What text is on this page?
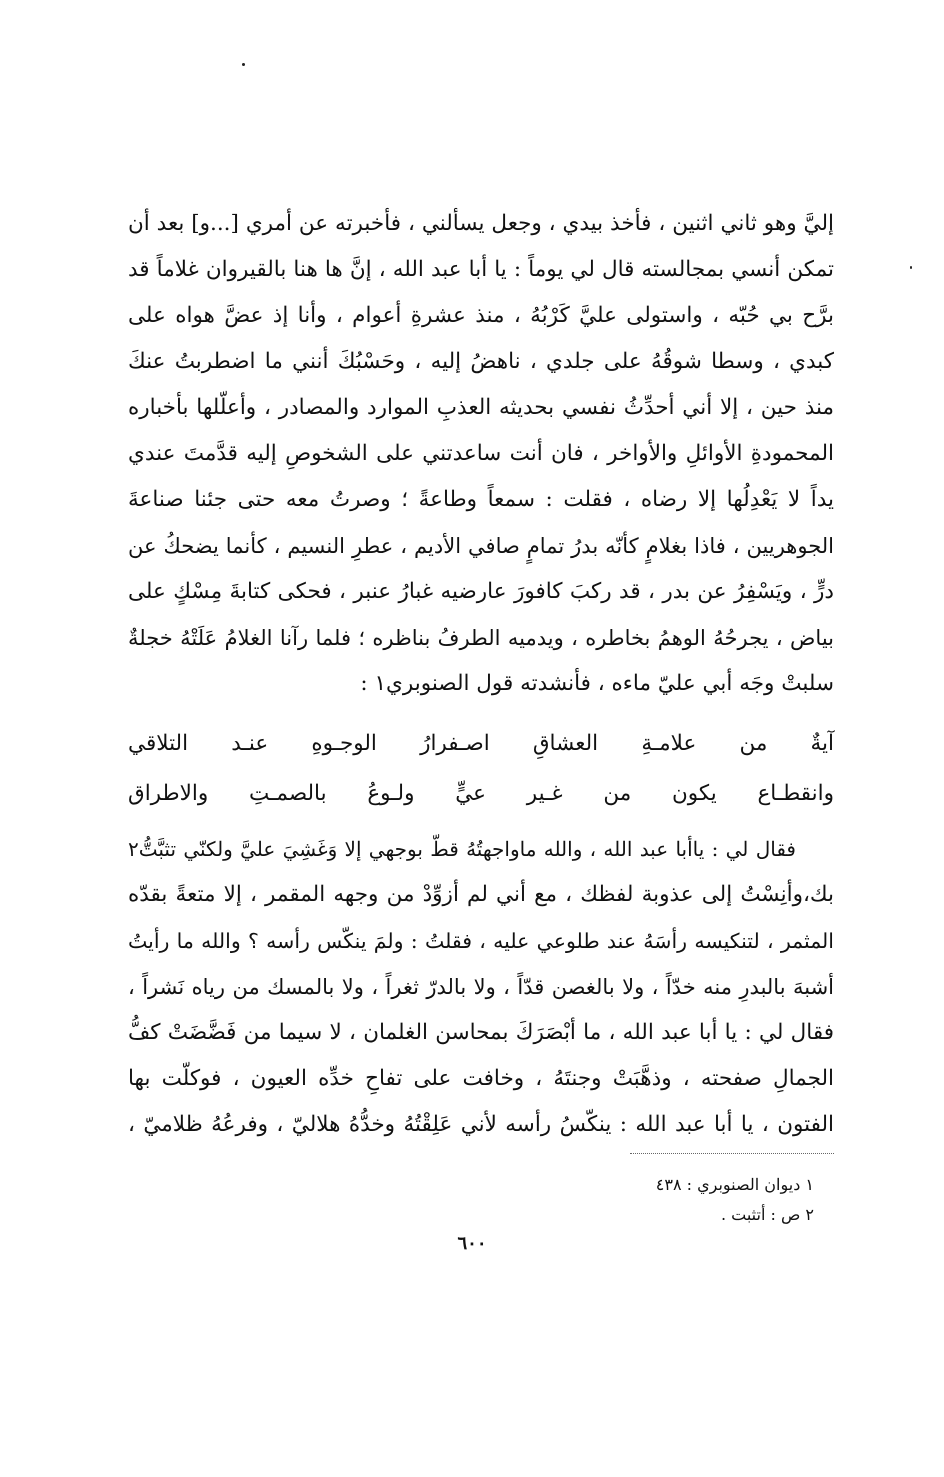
إليَّ وهو ثاني اثنين ، فأخذ بيدي ، وجعل يسألني ، فأخبرته عن أمري [...و] بعد أن
تمكن أنسي بمجالسته قال لي يوماً : يا أبا عبد الله ، إنَّ ها هنا بالقيروان غلاماً قد
برَّح بي حُبّه ، واستولى عليَّ كَرْبُهُ ، منذ عشرةِ أعوام ، وأنا إذ عضَّ هواه على
كبدي ، وسطا شوقُهُ على جلدي ، ناهضُ إليه ، وحَسْبُكَ أنني ما اضطربتُ عنكَ
منذ حين ، إلا أني أحدِّثُ نفسي بحديثه العذبِ الموارد والمصادر ، وأعلّلها بأخباره
المحمودةِ الأوائلِ والأواخر ، فان أنت ساعدتني على الشخوصِ إليه قدَّمتَ عندي
يداً لا يَعْدِلُها إلا رضاه ، فقلت : سمعاً وطاعةً ؛ وصرتُ معه حتى جئنا صناعةَ
الجوهريين ، فاذا بغلامٍ كأنّه بدرُ تمامٍ صافي الأديم ، عطرِ النسيم ، كأنما يضحكُ عن
درٍّ ، ويَسْفِرُ عن بدر ، قد ركبَ كافورَ عارضيه غبارُ عنبر ، فحكى كتابةَ مِسْكٍ على
بياض ، يجرحُهُ الوهمُ بخاطره ، ويدميه الطرفُ بناظره ؛ فلما رآنا الغلامُ عَلَتْهُ خجلةٌ
سلبتْ وجَه أبي عليّ ماءه ، فأنشدته قول الصنوبري١ :
آيةٌ
من
علامـةِ
العشاقِ
اصـفرارُ
الوجـوهِ
عنـد
التلاقي
وانقطـاع
يكون
من
غـير
عيٍّ
ولـوعُ
بالصمـتِ
والاطراق
فقال لي : ياأبا عبد الله ، والله ماواجهتُهُ قطّ بوجهي إلا وَغَشِيَ عليَّ ولكنّي تثبَّتُّ٢
بك،وأنِسْتُ إلى عذوبة لفظك ، مع أني لم أزوِّدْ من وجهه المقمر ، إلا متعةً بقدّه
المثمر ، لتنكيسه رأسَهُ عند طلوعي عليه ، فقلتُ : ولمَ ينكّس رأسه ؟ والله ما رأيتُ
أشبهَ بالبدرِ منه خدّاً ، ولا بالغصن قدّاً ، ولا بالدرّ ثغراً ، ولا بالمسك من رياه نَشراً ،
فقال لي : يا أبا عبد الله ، ما أبْصَرَكَ بمحاسن الغلمان ، لا سيما من فَضَّضَتْ كفُّ
الجمالِ صفحته ، وذهَّبَتْ وجنتَهُ ، وخافت على تفاحِ خدِّه العيون ، فوكلّت بها
الفتون ، يا أبا عبد الله : ينكّسُ رأسه لأني عَلِقْتُهُ وخدُّهُ هلاليّ ، وفرعُهُ ظلاميّ ،
١ ديوان الصنوبري : ٤٣٨
٢ ص : أتثبت .
٦٠٠
